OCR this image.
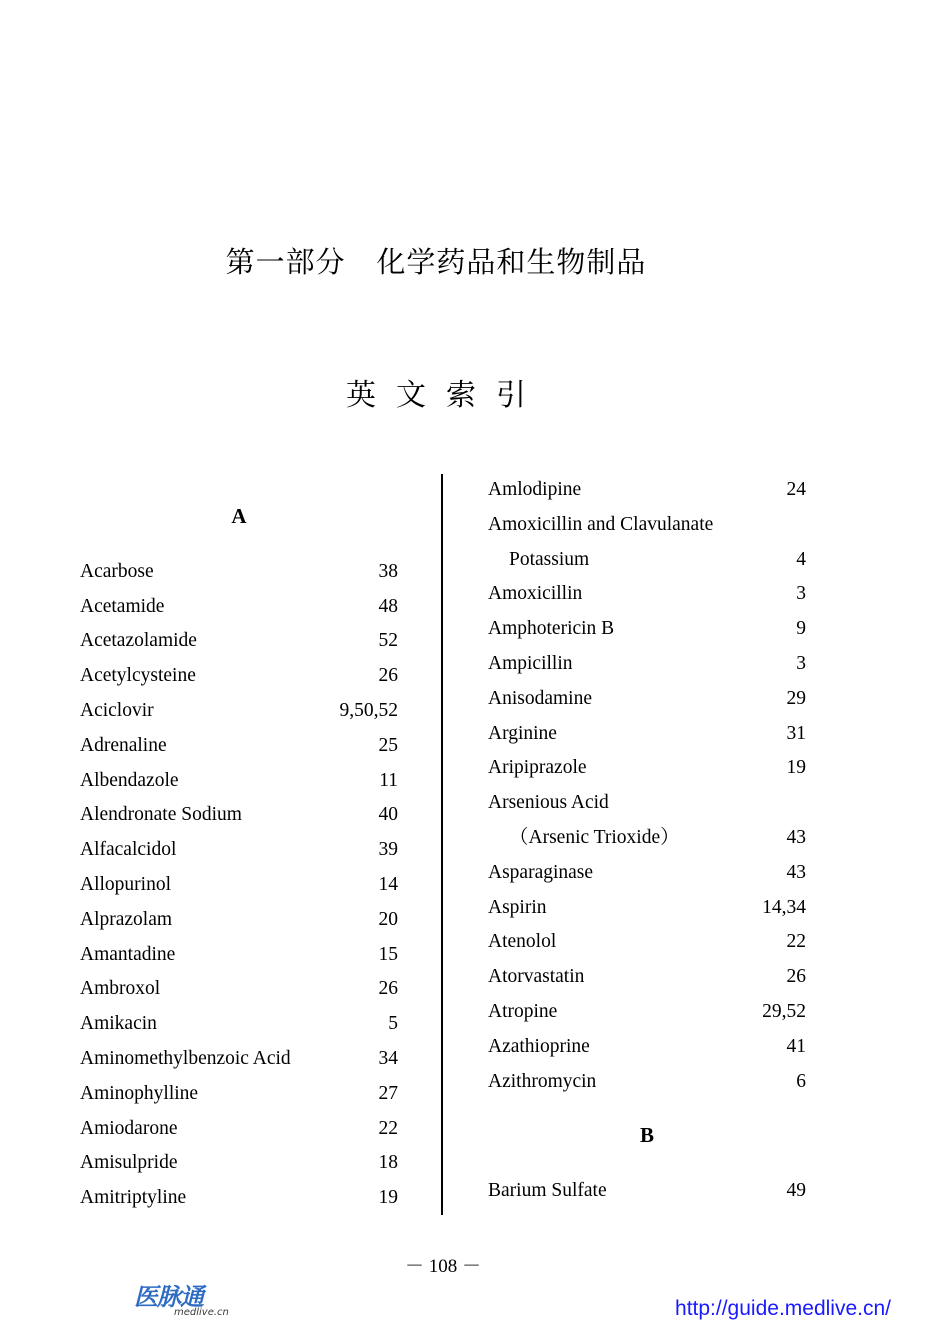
第一部分   化学药品和生物制品
英文索引
A
Acarbose	38
Acetamide	48
Acetazolamide	52
Acetylcysteine	26
Aciclovir	9,50,52
Adrenaline	25
Albendazole	11
Alendronate Sodium	40
Alfacalcidol	39
Allopurinol	14
Alprazolam	20
Amantadine	15
Ambroxol	26
Amikacin	5
Aminomethylbenzoic Acid	34
Aminophylline	27
Amiodarone	22
Amisulpride	18
Amitriptyline	19
Amlodipine	24
Amoxicillin and Clavulanate
Potassium	4
Amoxicillin	3
Amphotericin B	9
Ampicillin	3
Anisodamine	29
Arginine	31
Aripiprazole	19
Arsenious Acid
（Arsenic Trioxide）	43
Asparaginase	43
Aspirin	14,34
Atenolol	22
Atorvastatin	26
Atropine	29,52
Azathioprine	41
Azithromycin	6
B
Barium Sulfate	49
－ 108 －
医脉通
medlive.cn	http://guide.medlive.cn/
